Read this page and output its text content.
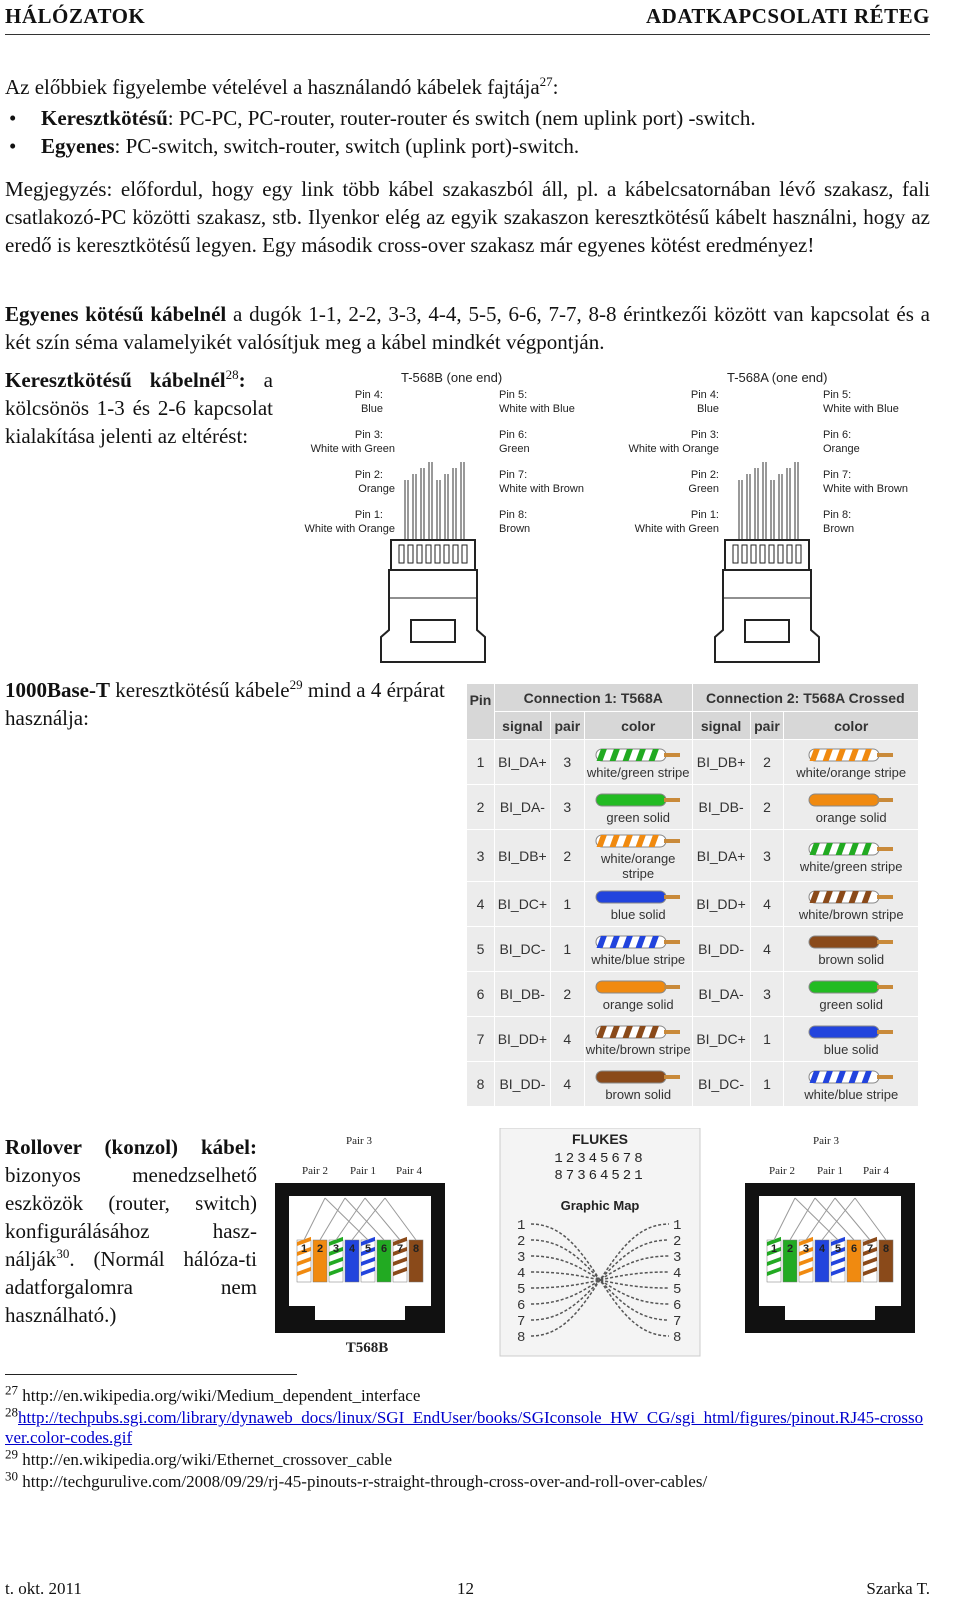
HÁLÓZATOK	ADATKAPCSOLATI RÉTEG
Az előbbiek figyelembe vételével a használandó kábelek fajtája$^{27}$:
• Keresztkötésű: PC-PC, PC-router, router-router és switch (nem uplink port) -switch.
• Egyenes: PC-switch, switch-router, switch (uplink port)-switch.
Megjegyzés: előfordul, hogy egy link több kábel szakaszból áll, pl. a kábelcsatornában lévő szakasz, fali csatlakozó-PC közötti szakasz, stb. Ilyenkor elég az egyik szakaszon keresztkötésű kábelt használni, hogy az eredő is keresztkötésű legyen. Egy második cross-over szakasz már egyenes kötést eredményez!
Egyenes kötésű kábelnél a dugók 1-1, 2-2, 3-3, 4-4, 5-5, 6-6, 7-7, 8-8 érintkezői között van kapcsolat és a két szín séma valamelyikét valósítjuk meg a kábel mindkét végpontján.
Keresztkötésű kábelnél$^{28}$: a kölcsönös 1-3 és 2-6 kapcsolat kialakítása jelenti az eltérést:
T-568B (one end)
Pin 4:
Blue
Pin 3:
White with Green
Pin 2:
Orange
Pin 1:
White with Orange
Pin 5:
White with Blue
Pin 6:
Green
Pin 7:
White with Brown
Pin 8:
Brown
T-568A (one end)
Pin 4:
Blue
Pin 3:
White with Orange
Pin 2:
Green
Pin 1:
White with Green
Pin 5:
White with Blue
Pin 6:
Orange
Pin 7:
White with Brown
Pin 8:
Brown
1000Base-T keresztkötésű kábele$^{29}$ mind a 4 érpárat használja:
Pin	Connection 1: T568A			Connection 2: T568A Crossed		
	signal	pair	color	signal	pair	color
1	BI_DA+	3	white/green stripe	BI_DB+	2	white/orange stripe

2	BI_DA-	3	green solid	BI_DB-	2	orange solid

3	BI_DB+	2	white/orange stripe	BI_DA+	3	white/green stripe

4	BI_DC+	1	blue solid	BI_DD+	4	white/brown stripe

5	BI_DC-	1	white/blue stripe	BI_DD-	4	brown solid

6	BI_DB-	2	orange solid	BI_DA-	3	green solid

7	BI_DD+	4	white/brown stripe	BI_DC+	1	blue solid

8	BI_DD-	4	brown solid	BI_DC-	1	white/blue stripe
Rollover (konzol) kábel: bizonyos menedzselhető eszközök (router, switch) konfigurálásához hasz-nálják$^{30}$. (Normál hálóza-ti adatforgalomra nem használható.)
1 2 3 4 5 6 7 8	1 2 3 4 5 6 7 8
Pair 3
Pair 2 Pair 1 Pair 4
T568B
Pair 3
Pair 2 Pair 1 Pair 4
FLUKES
12345678
87364521
Graphic Map
1	1
2	2
3	3
4	4
5	5
6	6
7	7
8	8
$^{27}$ http://en.wikipedia.org/wiki/Medium_dependent_interface
$^{28}$http://techpubs.sgi.com/library/dynaweb_docs/linux/SGI_EndUser/books/SGIconsole_HW_CG/sgi_html/figures/pinout.RJ45-crossover.color-codes.gif
$^{29}$ http://en.wikipedia.org/wiki/Ethernet_crossover_cable
$^{30}$ http://techgurulive.com/2008/09/29/rj-45-pinouts-r-straight-through-cross-over-and-roll-over-cables/
t. okt. 2011	12	Szarka T.
